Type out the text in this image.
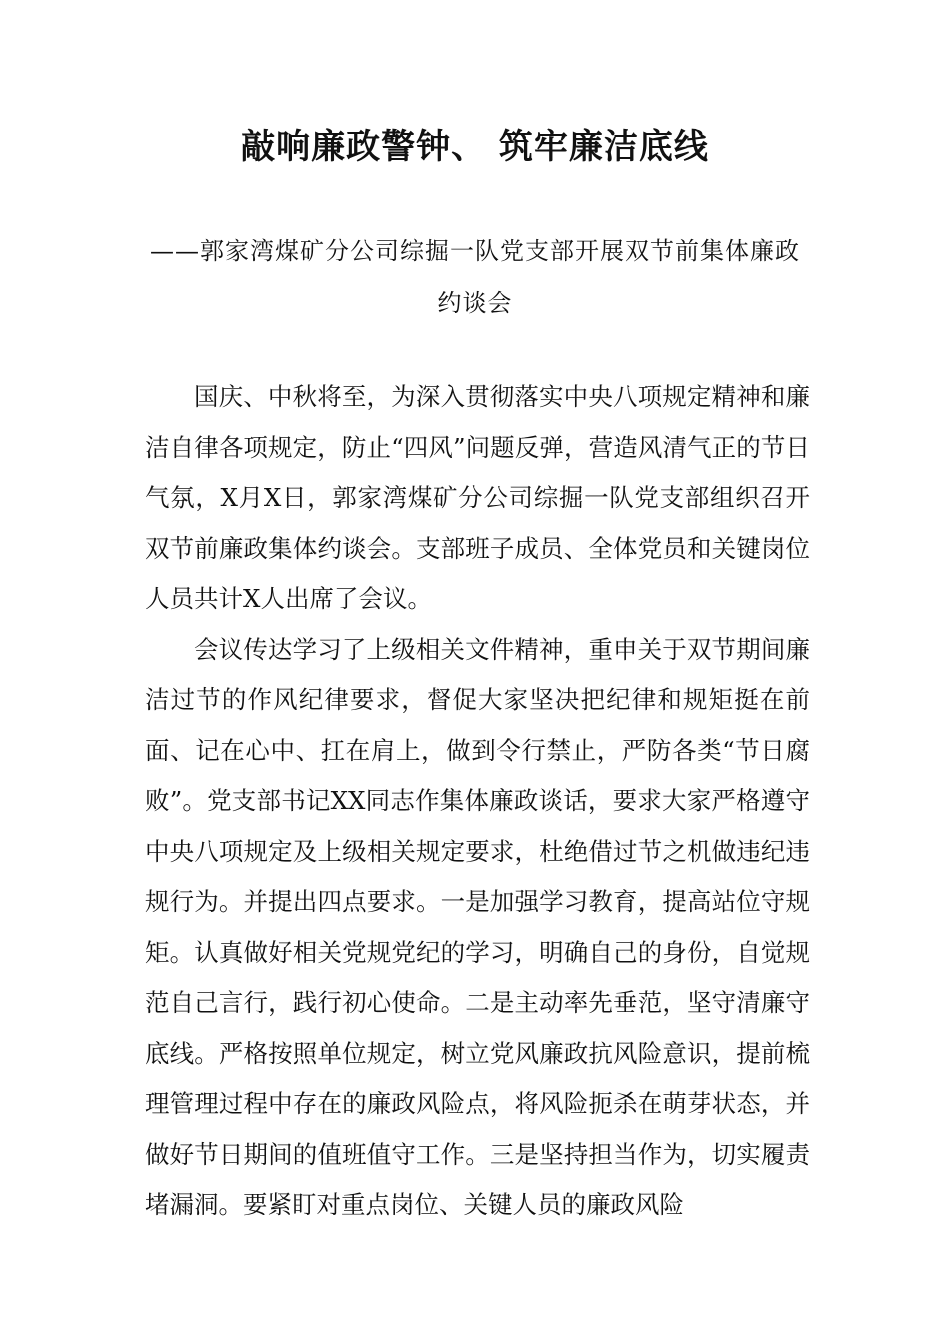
敲响廉政警钟、 筑牢廉洁底线
——郭家湾煤矿分公司综掘一队党支部开展双节前集体廉政约谈会

国庆、中秋将至，为深入贯彻落实中央八项规定精神和廉洁自律各项规定，防止“四风”问题反弹，营造风清气正的节日气氛，X月X日，郭家湾煤矿分公司综掘一队党支部组织召开双节前廉政集体约谈会。支部班子成员、全体党员和关键岗位人员共计X人出席了会议。

会议传达学习了上级相关文件精神，重申关于双节期间廉洁过节的作风纪律要求，督促大家坚决把纪律和规矩挺在前面、记在心中、扛在肩上，做到令行禁止，严防各类“节日腐败”。党支部书记XX同志作集体廉政谈话，要求大家严格遵守中央八项规定及上级相关规定要求，杜绝借过节之机做违纪违规行为。并提出四点要求。一是加强学习教育，提高站位守规矩。认真做好相关党规党纪的学习，明确自己的身份，自觉规范自己言行，践行初心使命。二是主动率先垂范，坚守清廉守底线。严格按照单位规定，树立党风廉政抗风险意识，提前梳理管理过程中存在的廉政风险点，将风险扼杀在萌芽状态，并做好节日期间的值班值守工作。三是坚持担当作为，切实履责堵漏洞。要紧盯对重点岗位、关键人员的廉政风险
